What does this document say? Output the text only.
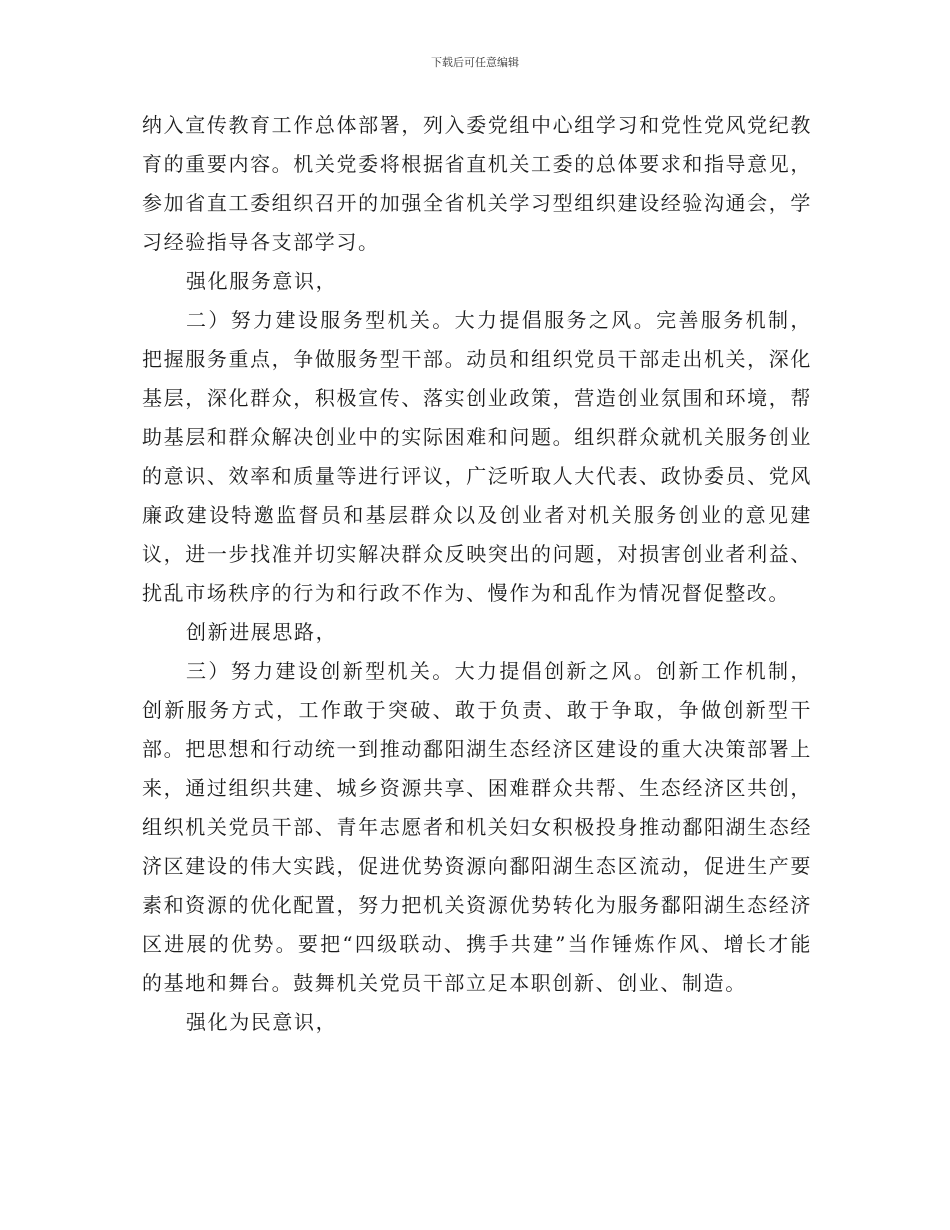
下载后可任意编辑

纳入宣传教育工作总体部署，列入委党组中心组学习和党性党风党纪教育的重要内容。机关党委将根据省直机关工委的总体要求和指导意见，参加省直工委组织召开的加强全省机关学习型组织建设经验沟通会，学习经验指导各支部学习。

强化服务意识，

二）努力建设服务型机关。大力提倡服务之风。完善服务机制，把握服务重点，争做服务型干部。动员和组织党员干部走出机关，深化基层，深化群众，积极宣传、落实创业政策，营造创业氛围和环境，帮助基层和群众解决创业中的实际困难和问题。组织群众就机关服务创业的意识、效率和质量等进行评议，广泛听取人大代表、政协委员、党风廉政建设特邀监督员和基层群众以及创业者对机关服务创业的意见建议，进一步找准并切实解决群众反映突出的问题，对损害创业者利益、扰乱市场秩序的行为和行政不作为、慢作为和乱作为情况督促整改。

创新进展思路，

三）努力建设创新型机关。大力提倡创新之风。创新工作机制，创新服务方式，工作敢于突破、敢于负责、敢于争取，争做创新型干部。把思想和行动统一到推动鄱阳湖生态经济区建设的重大决策部署上来，通过组织共建、城乡资源共享、困难群众共帮、生态经济区共创，组织机关党员干部、青年志愿者和机关妇女积极投身推动鄱阳湖生态经济区建设的伟大实践，促进优势资源向鄱阳湖生态区流动，促进生产要素和资源的优化配置，努力把机关资源优势转化为服务鄱阳湖生态经济区进展的优势。要把“四级联动、携手共建”当作锤炼作风、增长才能的基地和舞台。鼓舞机关党员干部立足本职创新、创业、制造。

强化为民意识，
